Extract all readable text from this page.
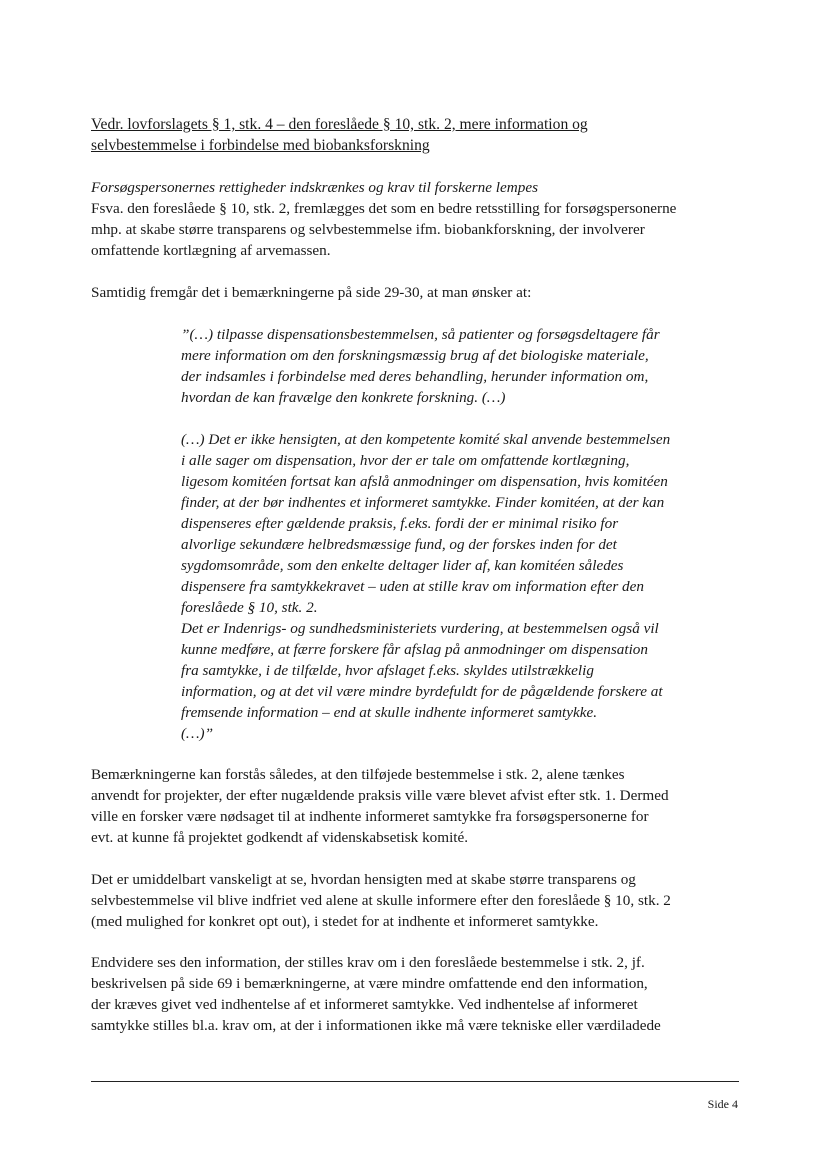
Vedr. lovforslagets § 1, stk. 4 – den foreslåede § 10, stk. 2, mere information og
selvbestemmelse i forbindelse med biobanksforskning
Forsøgspersonernes rettigheder indskrænkes og krav til forskerne lempes
Fsva. den foreslåede § 10, stk. 2, fremlægges det som en bedre retsstilling for forsøgspersonerne
mhp. at skabe større transparens og selvbestemmelse ifm. biobankforskning, der involverer
omfattende kortlægning af arvemassen.
Samtidig fremgår det i bemærkningerne på side 29-30, at man ønsker at:
”(…) tilpasse dispensationsbestemmelsen, så patienter og forsøgsdeltagere får
mere information om den forskningsmæssig brug af det biologiske materiale,
der indsamles i forbindelse med deres behandling, herunder information om,
hvordan de kan fravælge den konkrete forskning. (…)
(…) Det er ikke hensigten, at den kompetente komité skal anvende bestemmelsen
i alle sager om dispensation, hvor der er tale om omfattende kortlægning,
ligesom komitéen fortsat kan afslå anmodninger om dispensation, hvis komitéen
finder, at der bør indhentes et informeret samtykke. Finder komitéen, at der kan
dispenseres efter gældende praksis, f.eks. fordi der er minimal risiko for
alvorlige sekundære helbredsmæssige fund, og der forskes inden for det
sygdomsområde, som den enkelte deltager lider af, kan komitéen således
dispensere fra samtykkekravet – uden at stille krav om information efter den
foreslåede § 10, stk. 2.
Det er Indenrigs- og sundhedsministeriets vurdering, at bestemmelsen også vil
kunne medføre, at færre forskere får afslag på anmodninger om dispensation
fra samtykke, i de tilfælde, hvor afslaget f.eks. skyldes utilstrækkelig
information, og at det vil være mindre byrdefuldt for de pågældende forskere at
fremsende information – end at skulle indhente informeret samtykke.
(…)”
Bemærkningerne kan forstås således, at den tilføjede bestemmelse i stk. 2, alene tænkes
anvendt for projekter, der efter nugældende praksis ville være blevet afvist efter stk. 1. Dermed
ville en forsker være nødsaget til at indhente informeret samtykke fra forsøgspersonerne for
evt. at kunne få projektet godkendt af videnskabsetisk komité.
Det er umiddelbart vanskeligt at se, hvordan hensigten med at skabe større transparens og
selvbestemmelse vil blive indfriet ved alene at skulle informere efter den foreslåede § 10, stk. 2
(med mulighed for konkret opt out), i stedet for at indhente et informeret samtykke.
Endvidere ses den information, der stilles krav om i den foreslåede bestemmelse i stk. 2, jf.
beskrivelsen på side 69 i bemærkningerne, at være mindre omfattende end den information,
der kræves givet ved indhentelse af et informeret samtykke. Ved indhentelse af informeret
samtykke stilles bl.a. krav om, at der i informationen ikke må være tekniske eller værdiladede
Side 4
